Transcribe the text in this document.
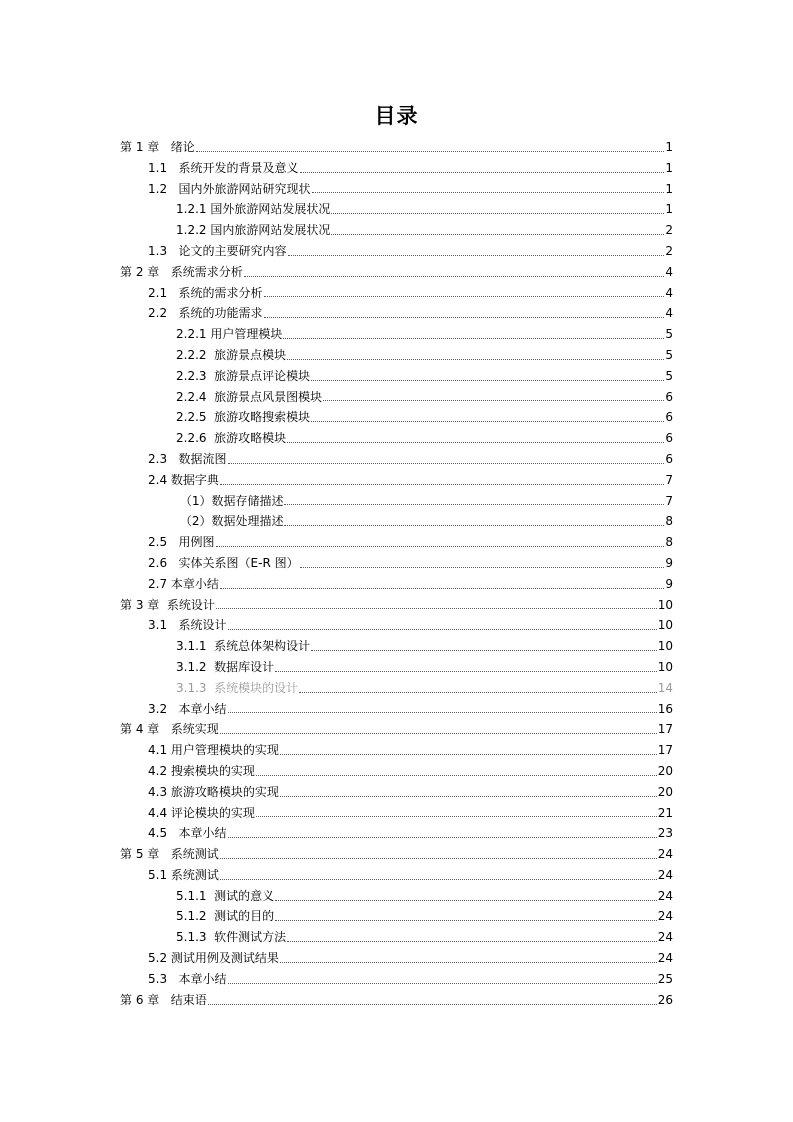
目录
第 1 章   绪论	1
1.1   系统开发的背景及意义	1
1.2   国内外旅游网站研究现状	1
1.2.1 国外旅游网站发展状况	1
1.2.2 国内旅游网站发展状况	2
1.3   论文的主要研究内容	2
第 2 章   系统需求分析	4
2.1   系统的需求分析	4
2.2   系统的功能需求	4
2.2.1 用户管理模块	5
2.2.2  旅游景点模块	5
2.2.3  旅游景点评论模块	5
2.2.4  旅游景点风景图模块	6
2.2.5  旅游攻略搜索模块	6
2.2.6  旅游攻略模块	6
2.3   数据流图	6
2.4 数据字典	7
（1）数据存储描述	7
（2）数据处理描述	8
2.5   用例图	8
2.6   实体关系图（E-R 图）	9
2.7 本章小结	9
第 3 章  系统设计	10
3.1   系统设计	10
3.1.1  系统总体架构设计	10
3.1.2  数据库设计	10
3.1.3  系统模块的设计	14
3.2   本章小结	16
第 4 章   系统实现	17
4.1 用户管理模块的实现	17
4.2 搜索模块的实现	20
4.3 旅游攻略模块的实现	20
4.4 评论模块的实现	21
4.5   本章小结	23
第 5 章   系统测试	24
5.1 系统测试	24
5.1.1  测试的意义	24
5.1.2  测试的目的	24
5.1.3  软件测试方法	24
5.2 测试用例及测试结果	24
5.3   本章小结	25
第 6 章   结束语	26
